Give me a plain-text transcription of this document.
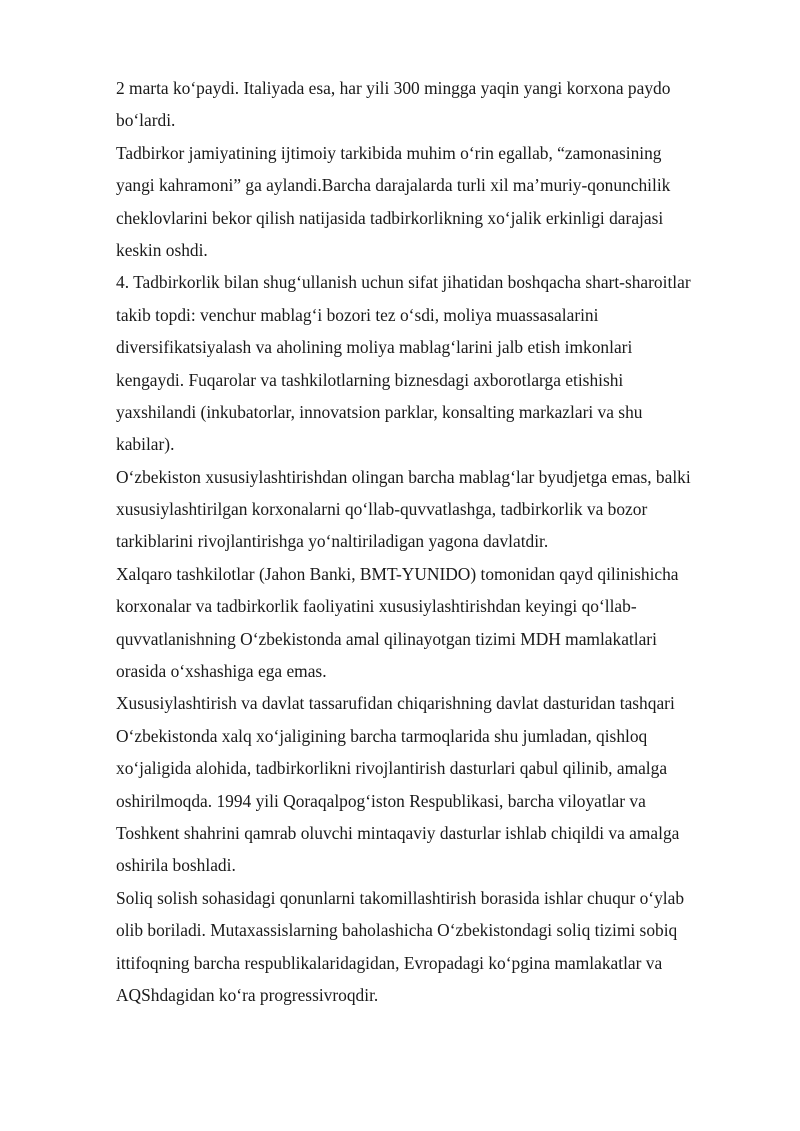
2 marta koʻpaydi. Italiyada esa, har yili 300 mingga yaqin yangi korxona paydo
boʻlardi.
Tadbirkor jamiyatining ijtimoiy tarkibida muhim oʻrin egallab, “zamonasining
yangi kahramoni” ga aylandi.Barcha darajalarda turli xil ma’muriy-qonunchilik
cheklovlarini bekor qilish natijasida tadbirkorlikning xoʻjalik erkinligi darajasi
keskin oshdi.
4. Tadbirkorlik bilan shugʻullanish uchun sifat jihatidan boshqacha shart-sharoitlar
takib topdi: venchur mablagʻi bozori tez oʻsdi, moliya muassasalarini
diversifikatsiyalash va aholining moliya mablagʻlarini jalb etish imkonlari
kengaydi. Fuqarolar va tashkilotlarning biznesdagi axborotlarga etishishi
yaxshilandi (inkubatorlar, innovatsion parklar, konsalting markazlari va shu
kabilar).
Oʻzbekiston xususiylashtirishdan olingan barcha mablagʻlar byudjetga emas, balki
xususiylashtirilgan korxonalarni qoʻllab-quvvatlashga, tadbirkorlik va bozor
tarkiblarini rivojlantirishga yoʻnaltiriladigan yagona davlatdir.
Xalqaro tashkilotlar (Jahon Banki, BMT-YUNIDO) tomonidan qayd qilinishicha
korxonalar va tadbirkorlik faoliyatini xususiylashtirishdan keyingi qoʻllab-
quvvatlanishning Oʻzbekistonda amal qilinayotgan tizimi MDH mamlakatlari
orasida oʻxshashiga ega emas.
Xususiylashtirish va davlat tassarufidan chiqarishning davlat dasturidan tashqari
Oʻzbekistonda xalq xoʻjaligining barcha tarmoqlarida shu jumladan, qishloq
xoʻjaligida alohida, tadbirkorlikni rivojlantirish dasturlari qabul qilinib, amalga
oshirilmoqda. 1994 yili Qoraqalpogʻiston Respublikasi, barcha viloyatlar va
Toshkent shahrini qamrab oluvchi mintaqaviy dasturlar ishlab chiqildi va amalga
oshirila boshladi.
Soliq solish sohasidagi qonunlarni takomillashtirish borasida ishlar chuqur oʻylab
olib boriladi. Mutaxassislarning baholashicha Oʻzbekistondagi soliq tizimi sobiq
ittifoqning barcha respublikalaridagidan, Evropadagi koʻpgina mamlakatlar va
AQShdagidan koʻra progressivroqdir.
